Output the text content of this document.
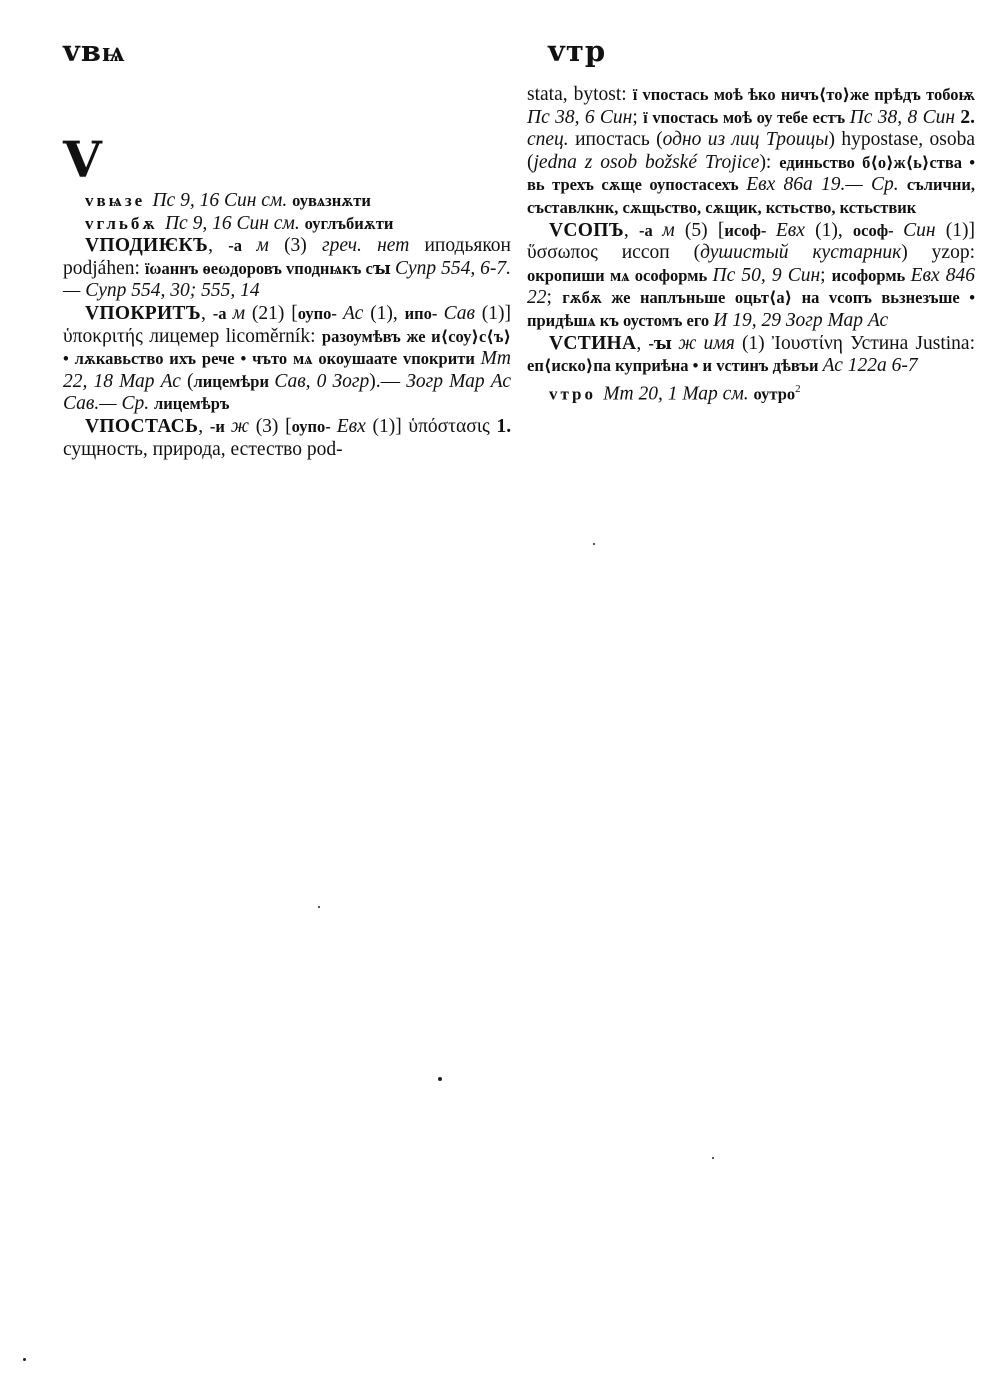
vвѩ	vтр
V

vвѩзе Пс 9, 16 Син см. оувѧзнѫти

vгльбѫ Пс 9, 16 Син см. оуглъбиѫти

VПОДИѤКЪ, -а м (3) греч. нет иподьякон podjáhen: їωаннъ ѳеωдоровъ vподнѩкъ сꙑ Супр 554, 6-7.— Супр 554, 30; 555, 14

VПОКРИТЪ, -а м (21) [оупо- Ас (1), ипо- Сав (1)] ὑποκριτής лицемер licoměrník: разоумѣвъ же и⟨соу⟩с⟨ъ⟩ • лѫкавьство ихъ рече • чъто мѧ окоушаате vпокрити Мт 22, 18 Мар Ас (лицемѣри Сав, 0 Зогр).— Зогр Мар Ас Сав.— Ср. лицемѣръ

VПОСТАСЬ, -и ж (3) [оупо- Евх (1)] ὑπόστασις 1. сущность, природа, естество pod-

stata, bytost: ї vпостась моѣ ѣко ничъ⟨то⟩же прѣдъ тобоѭ Пс 38, 6 Син; ї vпостась моѣ оу тебе естъ Пс 38, 8 Син 2. спец. ипостась (одно из лиц Троицы) hypostase, osoba (jedna z osob božské Trojice): единьство б⟨о⟩ж⟨ь⟩ства • вь трехъ сѫще оупостасехъ Евх 86а 19.— Ср. сълични, съставлкнк, сѫщьство, сѫщик, кстьство, кстьствик

VСОПЪ, -а м (5) [исоф- Евх (1), ософ- Син (1)] ὕσσωπος иссоп (душистый кустарник) yzop: окропиши мѧ ософормь Пс 50, 9 Син; исоформь Евх 846 22; гѫбѫ же наплъньше оцьт⟨а⟩ на vсопъ вьзнезъше • придѣшѧ къ оустомъ его И 19, 29 Зогр Мар Ас

VСТИНА, -ꙑ ж имя (1) Ἰουστίνη Устина Justina: еп⟨иско⟩па куприѣна • и vстинъ дѣвъи Ас 122а 6-7

vтро Мт 20, 1 Мар см. оутро$^2$
